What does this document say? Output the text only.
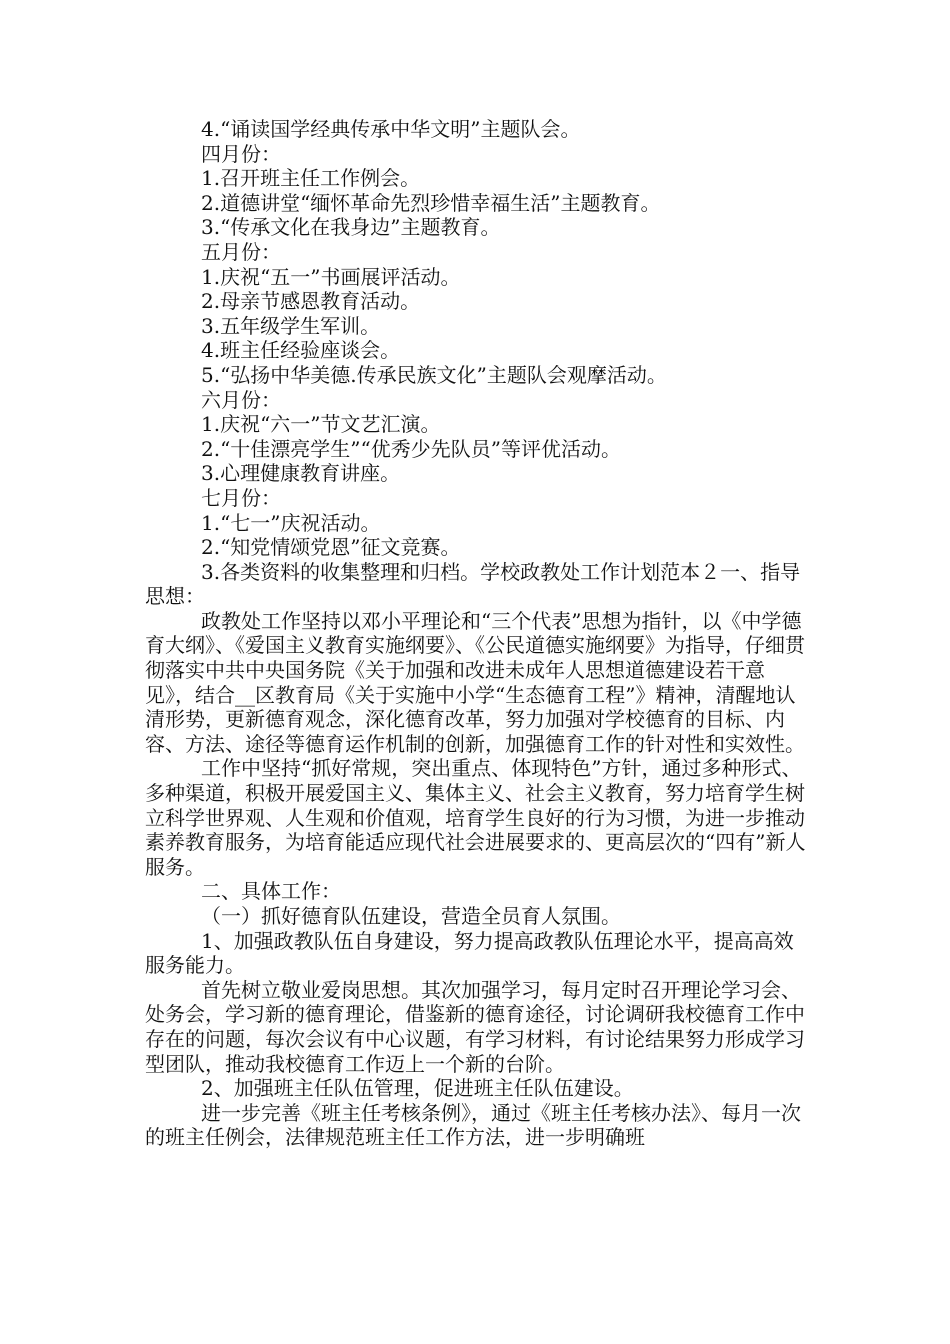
4.“诵读国学经典传承中华文明”主题队会。

四月份：

1.召开班主任工作例会。

2.道德讲堂“缅怀革命先烈珍惜幸福生活”主题教育。

3.“传承文化在我身边”主题教育。

五月份：

1.庆祝“五一”书画展评活动。

2.母亲节感恩教育活动。

3.五年级学生军训。

4.班主任经验座谈会。

5.“弘扬中华美德.传承民族文化”主题队会观摩活动。

六月份：

1.庆祝“六一”节文艺汇演。

2.“十佳漂亮学生”“优秀少先队员”等评优活动。

3.心理健康教育讲座。

七月份：

1.“七一”庆祝活动。

2.“知党情颂党恩”征文竞赛。

3.各类资料的收集整理和归档。学校政教处工作计划范本２一、指导思想：

政教处工作坚持以邓小平理论和“三个代表”思想为指针，以《中学德育大纲》、《爱国主义教育实施纲要》、《公民道德实施纲要》为指导，仔细贯彻落实中共中央国务院《关于加强和改进未成年人思想道德建设若干意见》，结合__区教育局《关于实施中小学“生态德育工程”》精神，清醒地认清形势，更新德育观念，深化德育改革，努力加强对学校德育的目标、内容、方法、途径等德育运作机制的创新，加强德育工作的针对性和实效性。

工作中坚持“抓好常规，突出重点、体现特色”方针，通过多种形式、多种渠道，积极开展爱国主义、集体主义、社会主义教育，努力培育学生树立科学世界观、人生观和价值观，培育学生良好的行为习惯，为进一步推动素养教育服务，为培育能适应现代社会进展要求的、更高层次的“四有”新人服务。

二、具体工作：

（一）抓好德育队伍建设，营造全员育人氛围。

1、加强政教队伍自身建设，努力提高政教队伍理论水平，提高高效服务能力。

首先树立敬业爱岗思想。其次加强学习，每月定时召开理论学习会、处务会，学习新的德育理论，借鉴新的德育途径，讨论调研我校德育工作中存在的问题，每次会议有中心议题，有学习材料，有讨论结果努力形成学习型团队，推动我校德育工作迈上一个新的台阶。

2、加强班主任队伍管理，促进班主任队伍建设。

进一步完善《班主任考核条例》，通过《班主任考核办法》、每月一次的班主任例会，法律规范班主任工作方法，进一步明确班
